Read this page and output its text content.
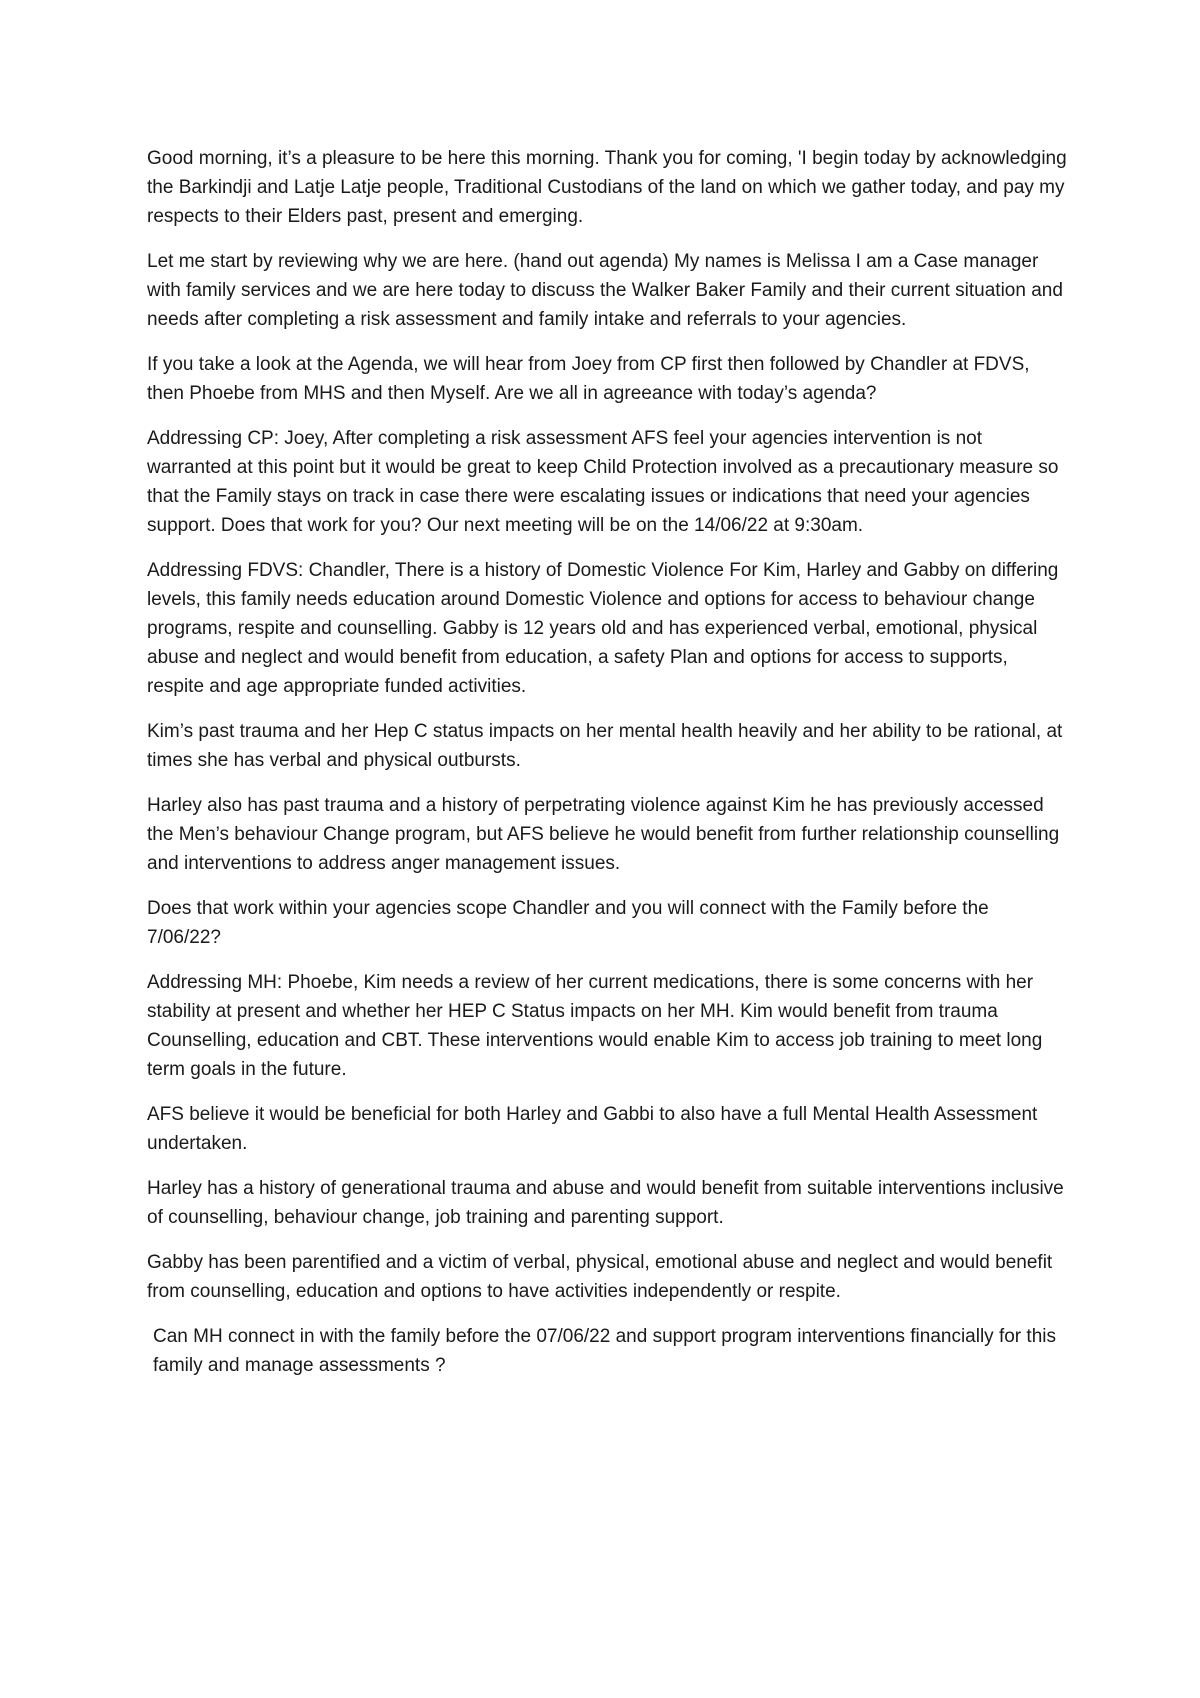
Good morning, it’s a pleasure to be here this morning. Thank you for coming, 'I begin today by acknowledging the Barkindji and Latje Latje people, Traditional Custodians of the land on which we gather today, and pay my respects to their Elders past, present and emerging.

Let me start by reviewing why we are here. (hand out agenda) My names is Melissa I am a Case manager with family services and we are here today to discuss the Walker Baker Family and their current situation and needs after completing a risk assessment and family intake and referrals to your agencies.

If you take a look at the Agenda, we will hear from Joey from CP first then followed by Chandler at FDVS, then Phoebe from MHS and then Myself. Are we all in agreeance with today’s agenda?

Addressing CP: Joey, After completing a risk assessment AFS feel your agencies intervention is not warranted at this point but it would be great to keep Child Protection involved as a precautionary measure so that the Family stays on track in case there were escalating issues or indications that need your agencies support. Does that work for you? Our next meeting will be on the 14/06/22 at 9:30am.

Addressing FDVS: Chandler, There is a history of Domestic Violence For Kim, Harley and Gabby on differing levels, this family needs education around Domestic Violence and options for access to behaviour change programs, respite and counselling. Gabby is 12 years old and has experienced verbal, emotional, physical abuse and neglect and would benefit from education, a safety Plan and options for access to supports, respite and age appropriate funded activities.

Kim’s past trauma and her Hep C status impacts on her mental health heavily and her ability to be rational, at times she has verbal and physical outbursts.

Harley also has past trauma and a history of perpetrating violence against Kim he has previously accessed the Men’s behaviour Change program, but AFS believe he would benefit from further relationship counselling and interventions to address anger management issues.

Does that work within your agencies scope Chandler and you will connect with the Family before the 7/06/22?

Addressing MH: Phoebe, Kim needs a review of her current medications, there is some concerns with her stability at present and whether her HEP C Status impacts on her MH. Kim would benefit from trauma Counselling, education and CBT. These interventions would enable Kim to access job training to meet long term goals in the future.

AFS believe it would be beneficial for both Harley and Gabbi to also have a full Mental Health Assessment undertaken.

Harley has a history of generational trauma and abuse and would benefit from suitable interventions inclusive of counselling, behaviour change, job training and parenting support.

Gabby has been parentified and a victim of verbal, physical, emotional abuse and neglect and would benefit from counselling, education and options to have activities independently or respite.

Can MH connect in with the family before the 07/06/22 and support program interventions financially for this family and manage assessments ?
